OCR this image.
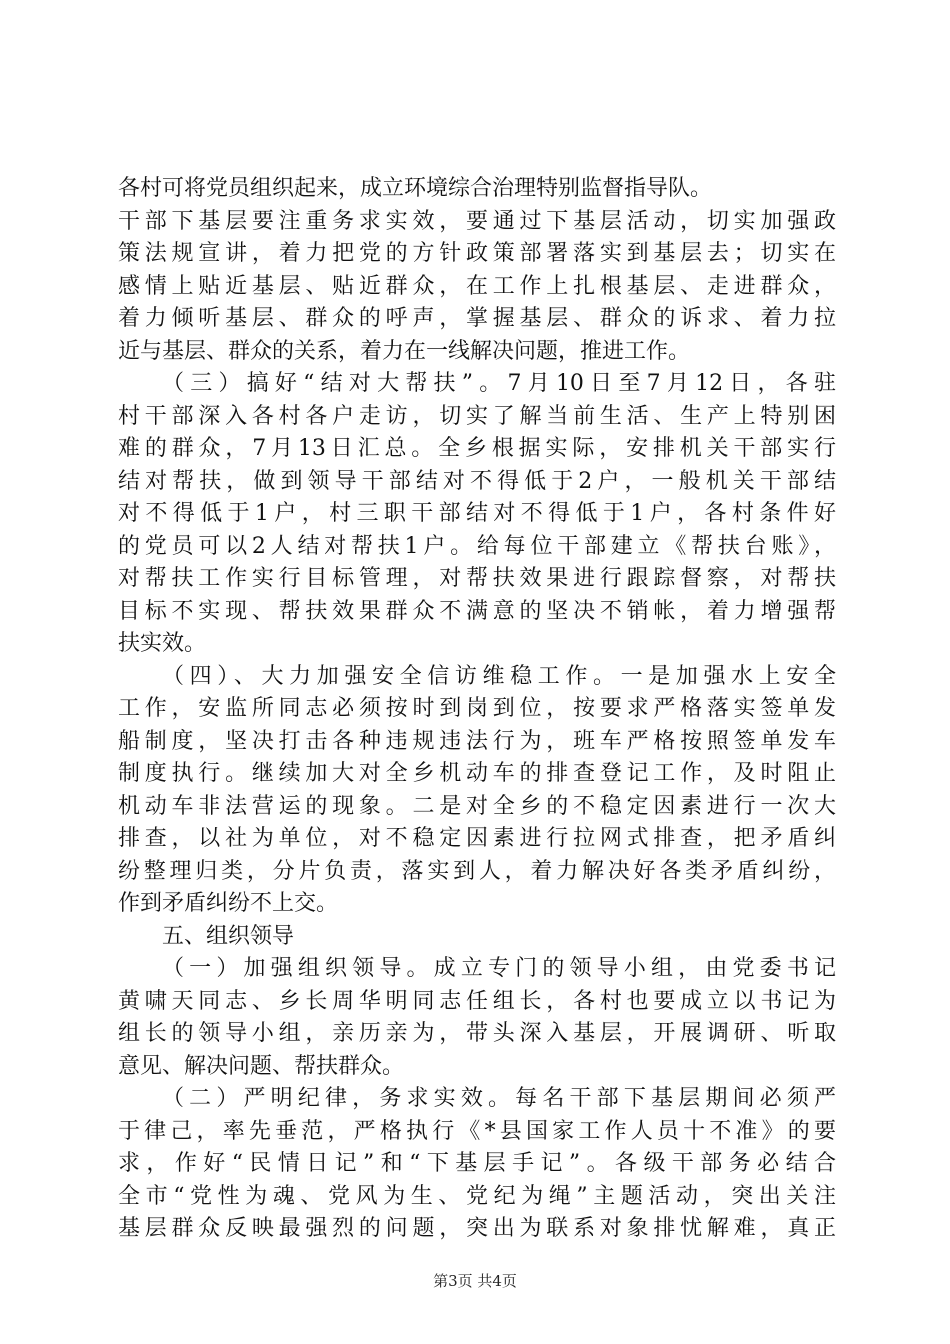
各村可将党员组织起来，成立环境综合治理特别监督指导队。
干部下基层要注重务求实效，要通过下基层活动，切实加强政
策法规宣讲，着力把党的方针政策部署落实到基层去；切实在
感情上贴近基层、贴近群众，在工作上扎根基层、走进群众，
着力倾听基层、群众的呼声，掌握基层、群众的诉求、着力拉
近与基层、群众的关系，着力在一线解决问题，推进工作。
（三）搞好“结对大帮扶”。7月10日至7月12日，各驻
村干部深入各村各户走访，切实了解当前生活、生产上特别困
难的群众，7月13日汇总。全乡根据实际，安排机关干部实行
结对帮扶，做到领导干部结对不得低于2户，一般机关干部结
对不得低于1户，村三职干部结对不得低于1户，各村条件好
的党员可以2人结对帮扶1户。给每位干部建立《帮扶台账》，
对帮扶工作实行目标管理，对帮扶效果进行跟踪督察，对帮扶
目标不实现、帮扶效果群众不满意的坚决不销帐，着力增强帮
扶实效。
（四）、大力加强安全信访维稳工作。一是加强水上安全
工作，安监所同志必须按时到岗到位，按要求严格落实签单发
船制度，坚决打击各种违规违法行为，班车严格按照签单发车
制度执行。继续加大对全乡机动车的排查登记工作，及时阻止
机动车非法营运的现象。二是对全乡的不稳定因素进行一次大
排查，以社为单位，对不稳定因素进行拉网式排查，把矛盾纠
纷整理归类，分片负责，落实到人，着力解决好各类矛盾纠纷，
作到矛盾纠纷不上交。
五、组织领导
（一）加强组织领导。成立专门的领导小组，由党委书记
黄啸天同志、乡长周华明同志任组长，各村也要成立以书记为
组长的领导小组，亲历亲为，带头深入基层，开展调研、听取
意见、解决问题、帮扶群众。
（二）严明纪律，务求实效。每名干部下基层期间必须严
于律己，率先垂范，严格执行《*县国家工作人员十不准》的要
求，作好“民情日记”和“下基层手记”。各级干部务必结合
全市“党性为魂、党风为生、党纪为绳”主题活动，突出关注
基层群众反映最强烈的问题，突出为联系对象排忧解难，真正
第3页 共4页
